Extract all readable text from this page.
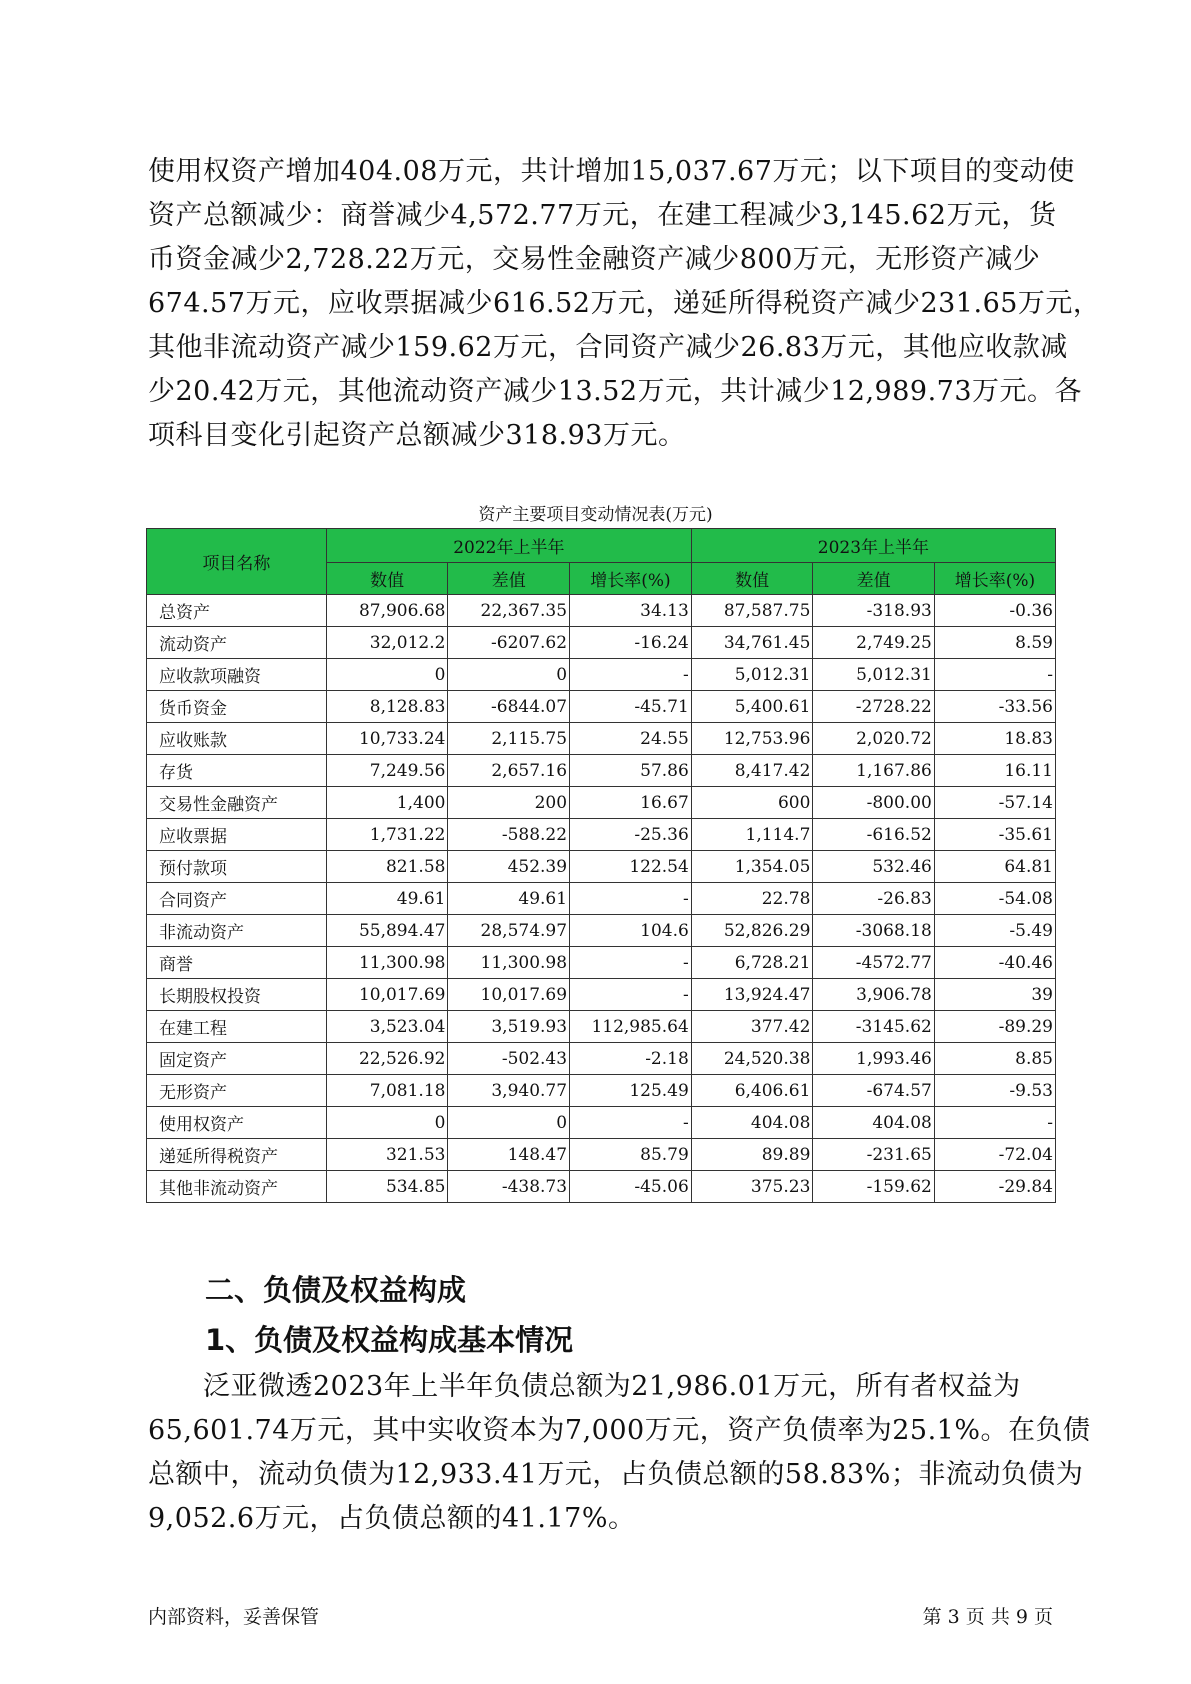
使用权资产增加404.08万元，共计增加15,037.67万元；以下项目的变动使

资产总额减少：商誉减少4,572.77万元，在建工程减少3,145.62万元，货

币资金减少2,728.22万元，交易性金融资产减少800万元，无形资产减少

674.57万元，应收票据减少616.52万元，递延所得税资产减少231.65万元，

其他非流动资产减少159.62万元，合同资产减少26.83万元，其他应收款减

少20.42万元，其他流动资产减少13.52万元，共计减少12,989.73万元。各

项科目变化引起资产总额减少318.93万元。

资产主要项目变动情况表(万元)
项目名称	2022年上半年			2023年上半年		
	数值	差值	增长率(%)	数值	差值	增长率(%)
总资产	87,906.68	22,367.35	34.13	87,587.75	-318.93	-0.36
流动资产	32,012.2	-6207.62	-16.24	34,761.45	2,749.25	8.59
应收款项融资	0	0	-	5,012.31	5,012.31	-
货币资金	8,128.83	-6844.07	-45.71	5,400.61	-2728.22	-33.56
应收账款	10,733.24	2,115.75	24.55	12,753.96	2,020.72	18.83
存货	7,249.56	2,657.16	57.86	8,417.42	1,167.86	16.11
交易性金融资产	1,400	200	16.67	600	-800.00	-57.14
应收票据	1,731.22	-588.22	-25.36	1,114.7	-616.52	-35.61
预付款项	821.58	452.39	122.54	1,354.05	532.46	64.81
合同资产	49.61	49.61	-	22.78	-26.83	-54.08
非流动资产	55,894.47	28,574.97	104.6	52,826.29	-3068.18	-5.49
商誉	11,300.98	11,300.98	-	6,728.21	-4572.77	-40.46
长期股权投资	10,017.69	10,017.69	-	13,924.47	3,906.78	39
在建工程	3,523.04	3,519.93	112,985.64	377.42	-3145.62	-89.29
固定资产	22,526.92	-502.43	-2.18	24,520.38	1,993.46	8.85
无形资产	7,081.18	3,940.77	125.49	6,406.61	-674.57	-9.53
使用权资产	0	0	-	404.08	404.08	-
递延所得税资产	321.53	148.47	85.79	89.89	-231.65	-72.04
其他非流动资产	534.85	-438.73	-45.06	375.23	-159.62	-29.84
二、负债及权益构成
1、负债及权益构成基本情况

　　泛亚微透2023年上半年负债总额为21,986.01万元，所有者权益为

65,601.74万元，其中实收资本为7,000万元，资产负债率为25.1%。在负债

总额中，流动负债为12,933.41万元，占负债总额的58.83%；非流动负债为

9,052.6万元，占负债总额的41.17%。

内部资料，妥善保管	第 3 页 共 9 页
